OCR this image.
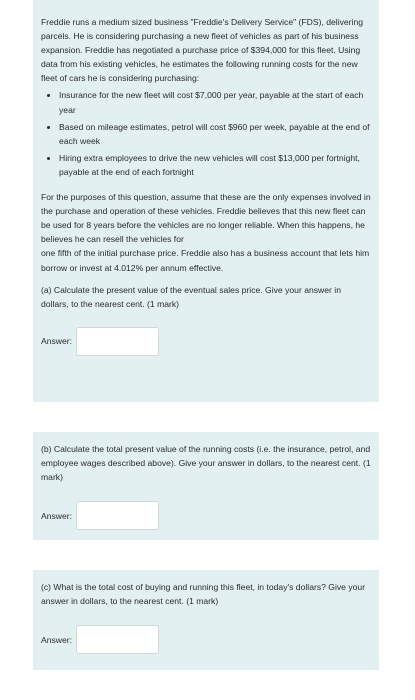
Freddie runs a medium sized business "Freddie's Delivery Service" (FDS), delivering parcels. He is considering purchasing a new fleet of vehicles as part of his business expansion. Freddie has negotiated a purchase price of $394,000 for this fleet. Using data from his existing vehicles, he estimates the following running costs for the new fleet of cars he is considering purchasing:

• Insurance for the new fleet will cost $7,000 per year, payable at the start of each year
• Based on mileage estimates, petrol will cost $960 per week, payable at the end of each week
• Hiring extra employees to drive the new vehicles will cost $13,000 per fortnight, payable at the end of each fortnight

For the purposes of this question, assume that these are the only expenses involved in the purchase and operation of these vehicles. Freddie believes that this new fleet can be used for 8 years before the vehicles are no longer reliable. When this happens, he believes he can resell the vehicles for

one fifth of the initial purchase price. Freddie also has a business account that lets him borrow or invest at 4.012% per annum effective.

(a) Calculate the present value of the eventual sales price. Give your answer in dollars, to the nearest cent. (1 mark)

Answer:

(b) Calculate the total present value of the running costs (i.e. the insurance, petrol, and employee wages described above). Give your answer in dollars, to the nearest cent. (1 mark)

Answer:

(c) What is the total cost of buying and running this fleet, in today's dollars? Give your answer in dollars, to the nearest cent. (1 mark)

Answer:
